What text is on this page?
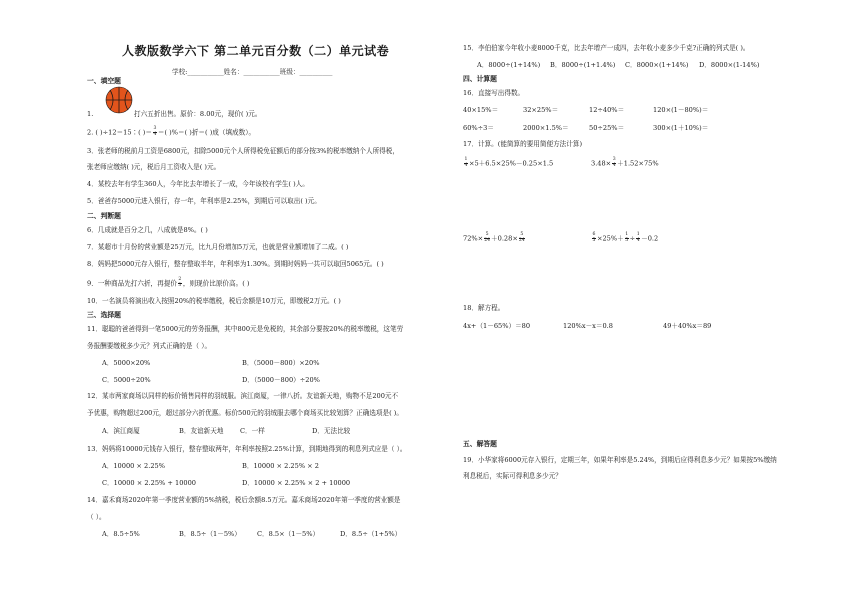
人教版数学六下 第二单元百分数（二）单元试卷
学校:___________姓名：___________班级：__________
一、填空题
1.	打六五折出售。原价：8.00元，现价( )元。
2. ( )÷12＝15∶( )＝ $\frac{3}{4}$ ＝( )%＝( )折＝( )成（填成数）。
3．张老师的税前月工资是6800元，扣除5000元个人所得税免征额后的部分按3%的税率缴纳个人所得税，
张老师应缴纳( )元，税后月工资收入是( )元。
4．某校去年有学生360人，今年比去年增长了一成，今年该校有学生( )人。
5．爸爸存5000元进入银行，存一年，年利率是2.25%，到期后可以取出( )元。
二、判断题
6．几成就是百分之几，八成就是8%。( )
7．某超市十月份的营业额是25万元，比九月份增加5万元，也就是营业额增加了二成。( )
8．妈妈把5000元存入银行，整存整取半年，年利率为1.30%。到期时妈妈一共可以取回5065元。( )
9．一种商品先打六折，再提价 $\frac{2}{3}$ ，则现价比原价高。( )
10．一名演员将演出收入按照20%的税率缴税，税后余额是10万元，即缴税2万元。( )
三、选择题
11．聪聪的爸爸得到一笔5000元的劳务报酬，其中800元是免税的，其余部分要按20%的税率缴税，这笔劳
务报酬要缴税多少元？列式正确的是（ ）。
A．5000×20%	B．（5000－800）×20%
C．5000÷20%	D．（5000－800）÷20%
12．某市两家商场以同样的标价销售同样的羽绒服。滨江商厦，一律八折。友谊新天地，购物不足200元不
予优惠，购物超过200元，超过部分六折优惠。标价500元的羽绒服去哪个商场买比较划算？正确选项是( )。
A．滨江商厦	B．友谊新天地	C．一样	D．无法比较
13．妈妈将10000元钱存入银行，整存整取两年，年利率按照2.25%计算，到期地得到的利息列式应是（ ）。
A．10000 × 2.25%	B．10000 × 2.25% × 2
C．10000 × 2.25% + 10000	D．10000 × 2.25% × 2 + 10000
14．嘉禾商场2020年第一季度营业额的5%纳税，税后余额8.5万元。嘉禾商场2020年第一季度的营业额是
（ ）。
A．8.5÷5%	B．8.5÷（1－5%） C．8.5×（1－5%）	D．8.5÷（1+5%）
15．李伯伯家今年收小麦8000千克，比去年增产一成四，去年收小麦多少千克?正确的列式是( )。
A．8000÷(1+14%) B．8000÷(1+1.4%) C．8000×(1+14%) D．8000×(1-14%)
四、计算题
16．直接写出得数。
40×15%＝	32×25%＝	12÷40%＝	120×(1－80%)＝
60%÷3＝	2000×1.5%＝	50÷25%＝	300×(1＋10%)＝
17．计算。(能简算的要用简便方法计算)
$\frac{1}{4} \times 5+6.5\times 25\%-0.25\times 1.5$	$3.48\times \frac{3}{4} +1.52\times 75\%$
$72\%\times \frac{5}{24} +0.28\times \frac{5}{24}$	$\frac{6}{5} \times 25\%+ \frac{1}{5} \div \frac{1}{4} -0.2$
18．解方程。
4x+（1－65%）＝80	120%x－x＝0.8	49＋40%x＝89
五、解答题
19．小华家将6000元存入银行，定期三年，如果年利率是5.24%，到期后应得利息多少元？如果按5%缴纳
利息税后，实际可得利息多少元？
